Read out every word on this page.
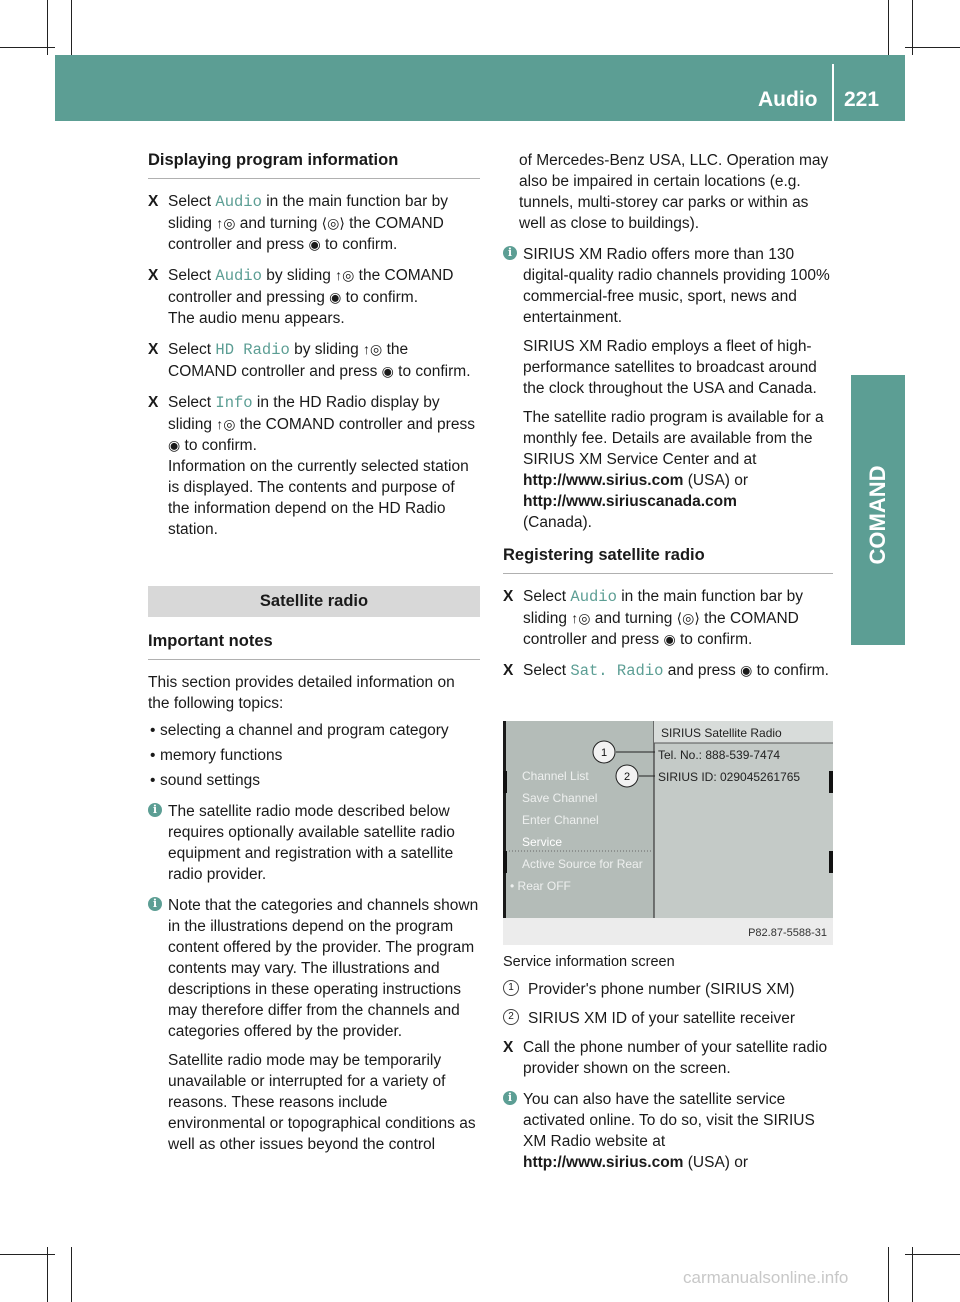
Audio 221
COMAND
Displaying program information
X Select Audio in the main function bar by sliding ↑◎ and turning ⟨◎⟩ the COMAND controller and press ◉ to confirm.
X Select Audio by sliding ↑◎ the COMAND controller and pressing ◉ to confirm.

The audio menu appears.

X Select HD Radio by sliding ↑◎ the COMAND controller and press ◉ to confirm.
X Select Info in the HD Radio display by sliding ↑◎ the COMAND controller and press ◉ to confirm.

Information on the currently selected station is displayed. The contents and purpose of the information depend on the HD Radio station.

Satellite radio
Important notes

This section provides detailed information on the following topics:

• selecting a channel and program category
• memory functions
• sound settings
i The satellite radio mode described below requires optionally available satellite radio equipment and registration with a satellite radio provider.

i Note that the categories and channels shown in the illustrations depend on the program content offered by the provider. The program contents may vary. The illustrations and descriptions in these operating instructions may therefore differ from the channels and categories offered by the provider.

Satellite radio mode may be temporarily unavailable or interrupted for a variety of reasons. These reasons include environmental or topographical conditions as well as other issues beyond the control

of Mercedes-Benz USA, LLC. Operation may also be impaired in certain locations (e.g. tunnels, multi-storey car parks or within as well as close to buildings).

i SIRIUS XM Radio offers more than 130 digital-quality radio channels providing 100% commercial-free music, sport, news and entertainment.

SIRIUS XM Radio employs a fleet of high-performance satellites to broadcast around the clock throughout the USA and Canada.

The satellite radio program is available for a monthly fee. Details are available from the SIRIUS XM Service Center and at http://www.sirius.com (USA) or
http://www.siriuscanada.com
(Canada).

Registering satellite radio
X Select Audio in the main function bar by sliding ↑◎ and turning ⟨◎⟩ the COMAND controller and press ◉ to confirm.
X Select Sat. Radio and press ◉ to confirm.
SIRIUS Satellite Radio
Tel. No.: 888-539-7474
SIRIUS ID: 029045261765
1
2
Channel List
Save Channel
Enter Channel
Service
Active Source for Rear
• Rear OFF
P82.87-5588-31

Service information screen

1 Provider's phone number (SIRIUS XM)
2 SIRIUS XM ID of your satellite receiver
X Call the phone number of your satellite radio provider shown on the screen.
i You can also have the satellite service activated online. To do so, visit the SIRIUS XM Radio website at
http://www.sirius.com (USA) or

carmanualsonline.info
